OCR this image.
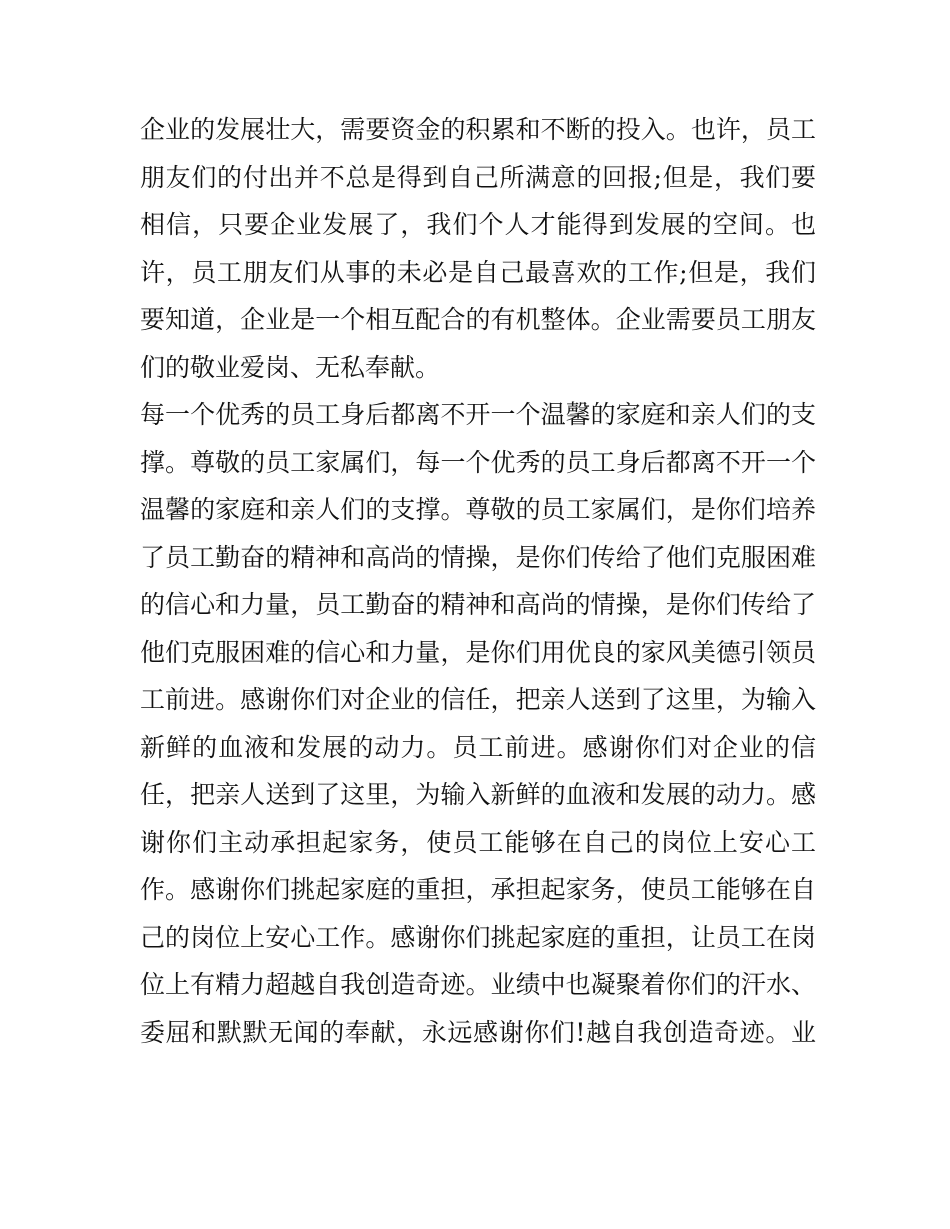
企业的发展壮大，需要资金的积累和不断的投入。也许，员工
朋友们的付出并不总是得到自己所满意的回报;但是，我们要
相信，只要企业发展了，我们个人才能得到发展的空间。也
许，员工朋友们从事的未必是自己最喜欢的工作;但是，我们
要知道，企业是一个相互配合的有机整体。企业需要员工朋友
们的敬业爱岗、无私奉献。
每一个优秀的员工身后都离不开一个温馨的家庭和亲人们的支
撑。尊敬的员工家属们，每一个优秀的员工身后都离不开一个
温馨的家庭和亲人们的支撑。尊敬的员工家属们，是你们培养
了员工勤奋的精神和高尚的情操，是你们传给了他们克服困难
的信心和力量，员工勤奋的精神和高尚的情操，是你们传给了
他们克服困难的信心和力量，是你们用优良的家风美德引领员
工前进。感谢你们对企业的信任，把亲人送到了这里，为输入
新鲜的血液和发展的动力。员工前进。感谢你们对企业的信
任，把亲人送到了这里，为输入新鲜的血液和发展的动力。感
谢你们主动承担起家务，使员工能够在自己的岗位上安心工
作。感谢你们挑起家庭的重担，承担起家务，使员工能够在自
己的岗位上安心工作。感谢你们挑起家庭的重担，让员工在岗
位上有精力超越自我创造奇迹。业绩中也凝聚着你们的汗水、
委屈和默默无闻的奉献，永远感谢你们!越自我创造奇迹。业
